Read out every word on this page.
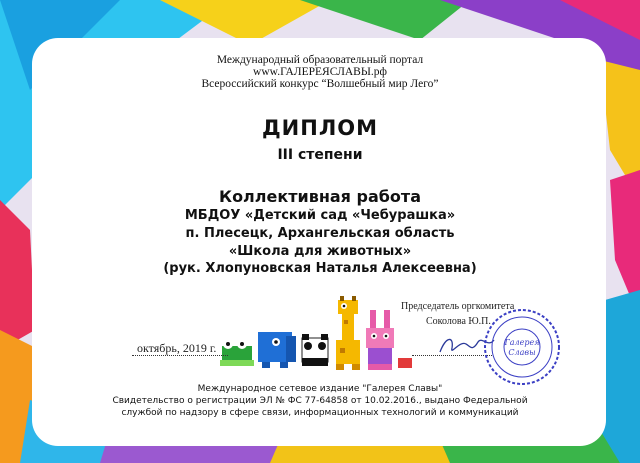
Международный образовательный портал
www.ГАЛЕРЕЯСЛАВЫ.рф
Всероссийский конкурс “Волшебный мир Лего”
ДИПЛОМ
III степени
Коллективная работа
МБДОУ «Детский сад «Чебурашка»
п. Плесецк, Архангельская область
«Школа для животных»
(рук. Хлопуновская Наталья Алексеевна)
октябрь, 2019 г.
Председатель оргкомитета
Соколова Ю.П.
Галерея
Славы
Международное сетевое издание "Галерея Славы"
Свидетельство о регистрации ЭЛ № ФС 77-64858 от 10.02.2016., выдано Федеральной
службой по надзору в сфере связи, информационных технологий и коммуникаций
